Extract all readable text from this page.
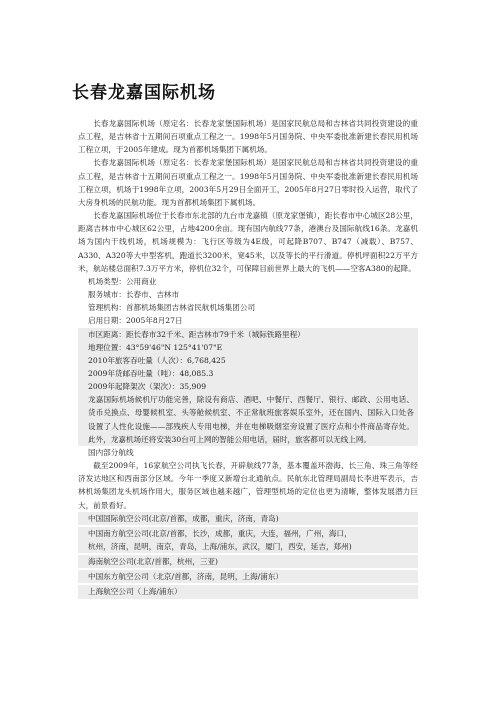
长春龙嘉国际机场

长春龙嘉国际机场（原定名：长春龙家堡国际机场）是国家民航总局和吉林省共同投资建设的重点工程，是吉林省十五期间百项重点工程之一。1998年5月国务院、中央军委批准新建长春民用机场工程立项，于2005年建成。现为首都机场集团下属机场。

长春龙嘉国际机场（原定名：长春龙家堡国际机场）是国家民航总局和吉林省共同投资建设的重点工程，是吉林省十五期间百项重点工程之一。1998年5月国务院、中央军委批准新建长春民用机场工程立项，机场于1998年立项，2003年5月29日全面开工，2005年8月27日零时投入运营，取代了大房身机场的民航功能。现为首都机场集团下属机场。

长春龙嘉国际机场位于长春市东北部的九台市龙嘉镇（原龙家堡镇），距长春市中心城区28公里，距离吉林市中心城区62公里，占地4200余亩。现有国内航线77条，港澳台及国际航线16条。龙嘉机场为国内干线机场，机场规模为：飞行区等级为4E级，可起降B707、B747（减载）、B757、A330、A320等大中型客机，跑道长3200米，宽45米，以及等长的平行滑道。停机坪面积22万平方米，航站楼总面积7.3万平方米，停机位32个，可保障目前世界上最大的飞机——空客A380的起降。

机场类型：公用商业

服务城市：长春市、吉林市

管理机构：首都机场集团吉林省民航机场集团公司

启用日期：2005年8月27日

市区距离：距长春市32千米、距吉林市79千米（城际铁路里程）

地理位置：43°59'46"N 125°41'07"E

2010年旅客吞吐量（人次）：6,768,425

2009年货邮吞吐量（吨）：48,085.3

2009年起降架次（架次）：35,909

龙嘉国际机场候机厅功能完善，除设有商店、酒吧、中餐厅、西餐厅、银行、邮政、公用电话、货币兑换点、母婴候机室、头等舱候机室、不正常航班旅客娱乐室外，还在国内、国际入口处各设置了人性化设施——部残疾人专用电梯，并在电梯吸烟室旁设置了医疗点和小件商品寄存处。此外，龙嘉机场还将安装30台可上网的智能公用电话，届时，旅客都可以无线上网。

国内部分航线

截至2009年，16家航空公司执飞长春，开辟航线77条，基本覆盖环渤海、长三角、珠三角等经济发达地区和西南部分区域。今年一季度又新增台北通航点。民航东北管理局副局长李进军表示，吉林机场集团龙头机场作用大，服务区域也越来越广，管理型机场的定位也更为清晰，整体发展潜力巨大，前景看好。

中国国际航空公司(北京/首都，成都，重庆，济南，青岛)

中国南方航空公司(北京/首都，长沙，成都，重庆，大连，福州，广州，海口，

杭州，济南，昆明，南京，青岛，上海/浦东，武汉，厦门，西安，延吉，郑州)

海南航空公司(北京/首都，杭州，三亚)

中国东方航空公司（北京/首都，济南，昆明，上海/浦东）

上海航空公司（上海/浦东）
